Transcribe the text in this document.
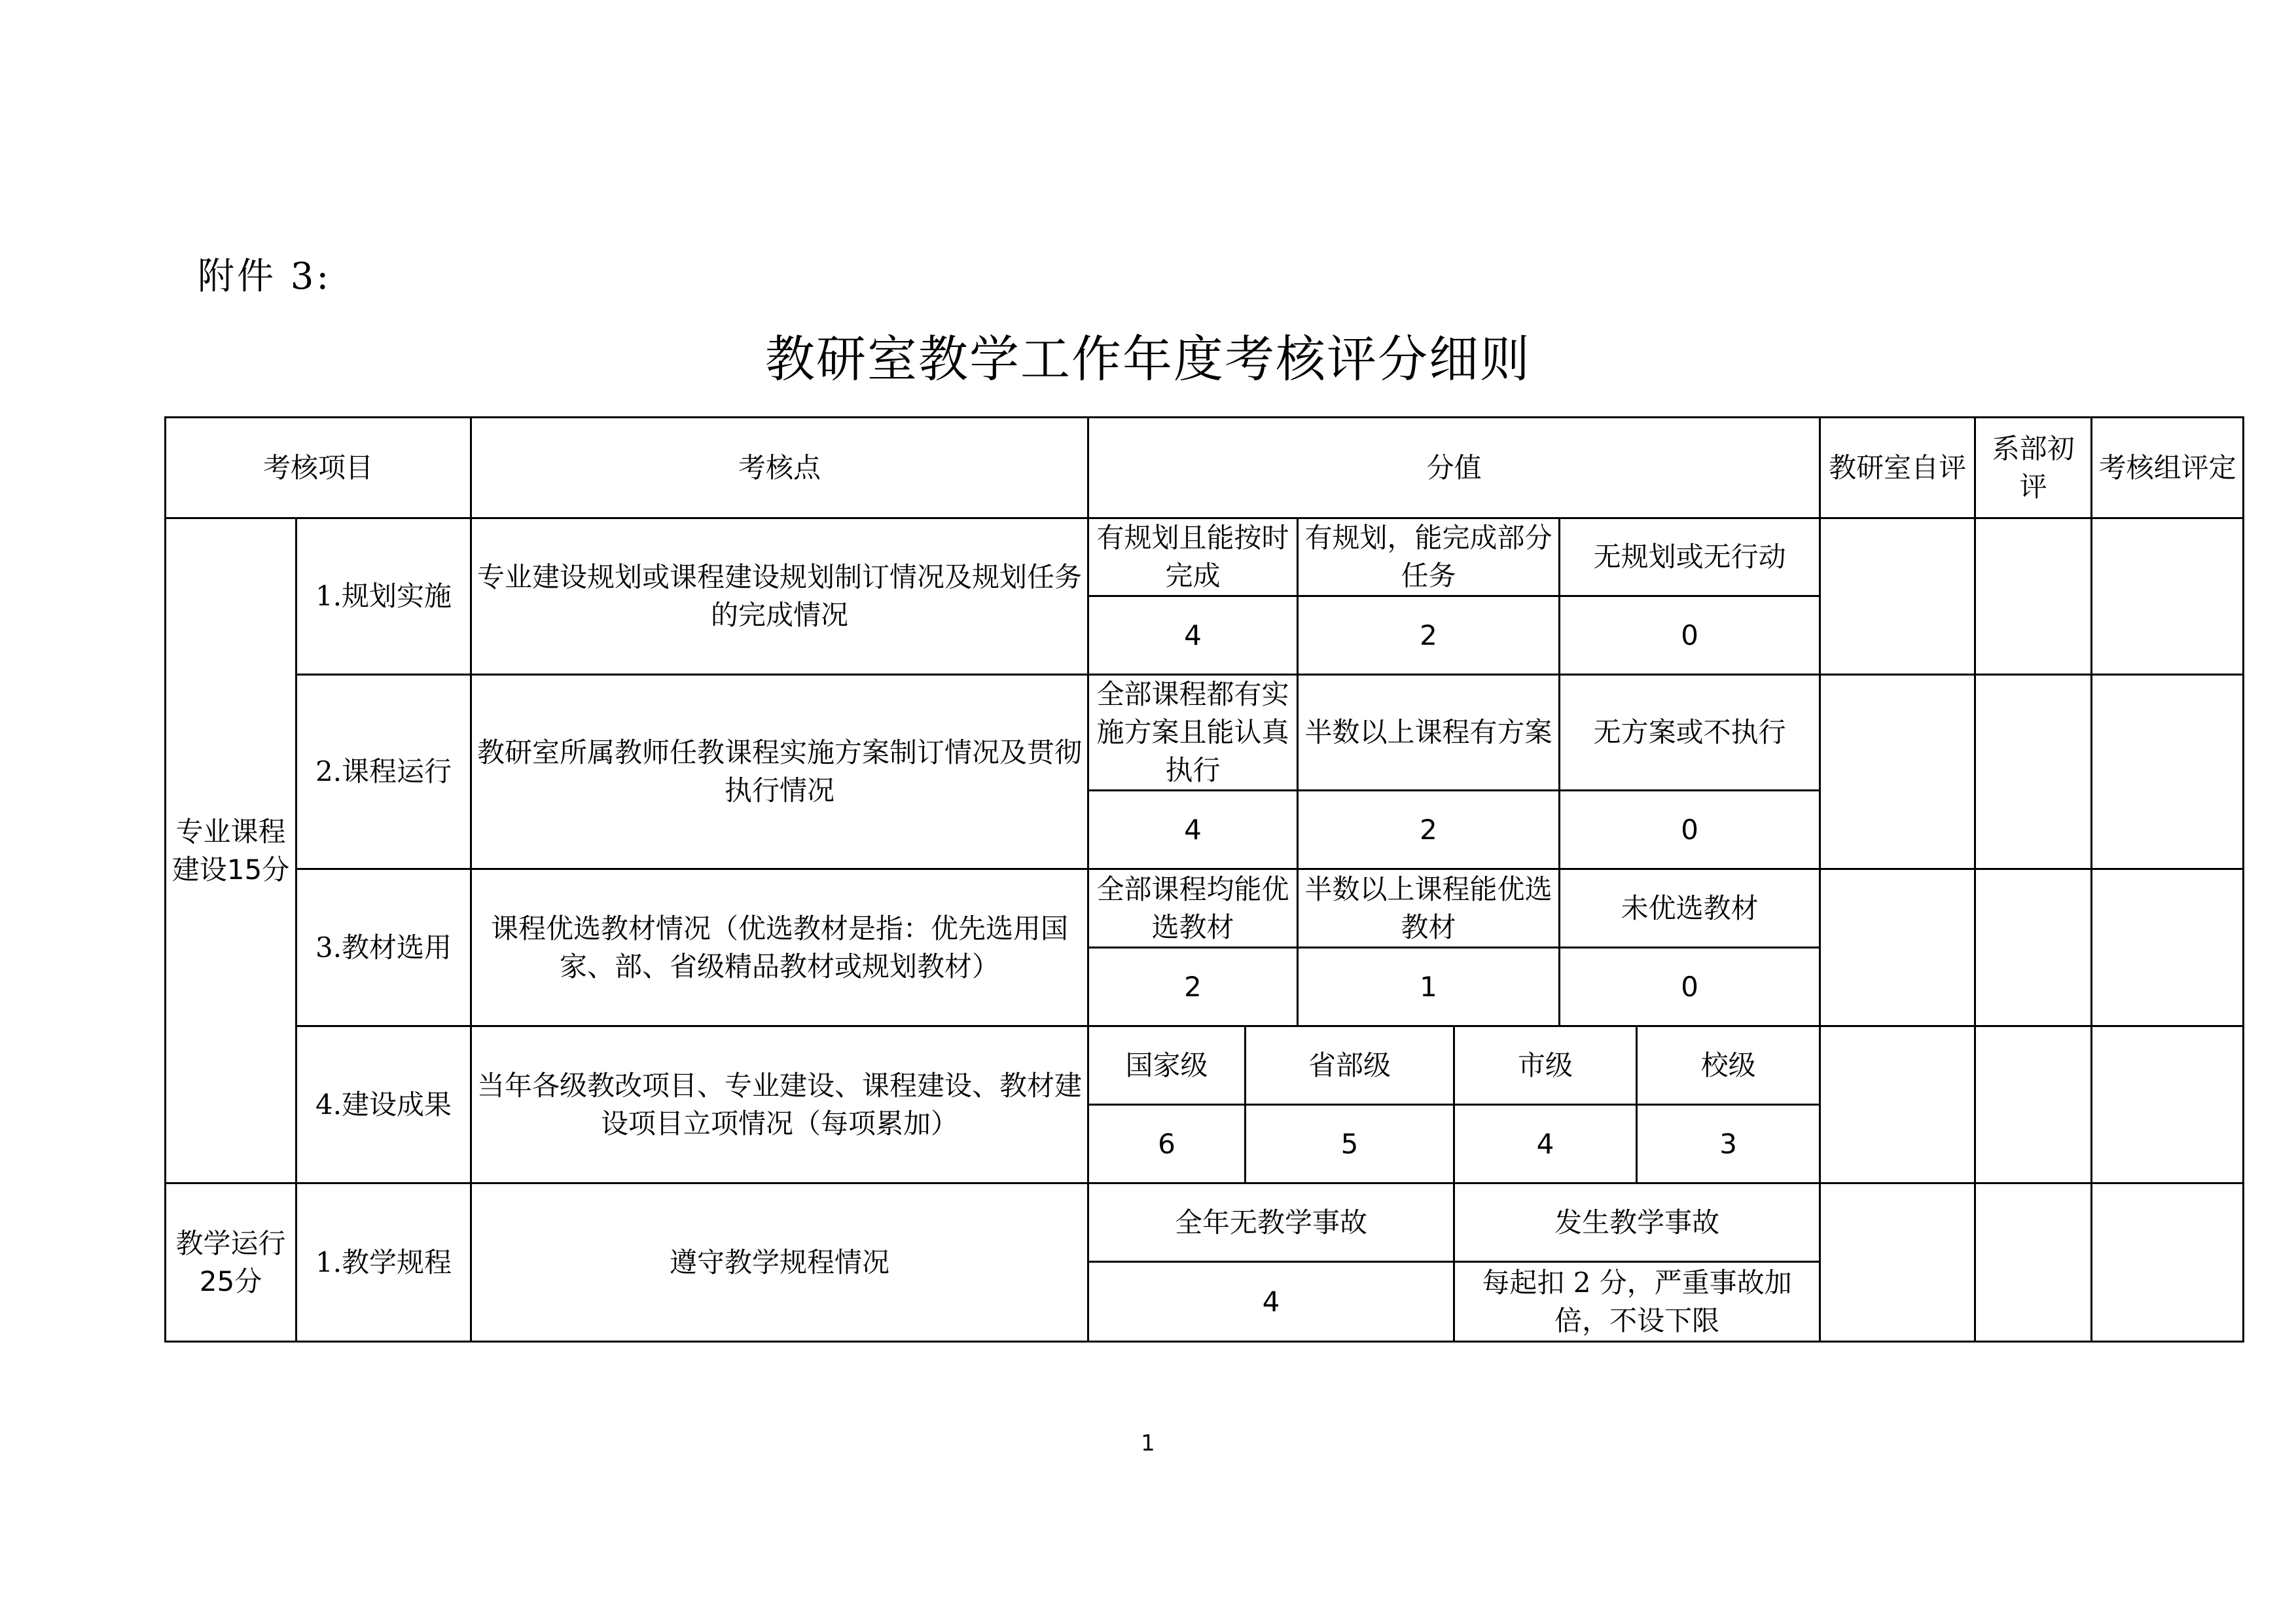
附件 3:
教研室教学工作年度考核评分细则
考核项目		考核点	分值										教研室自评	系部初评	考核组评定
专业课程建设15分	1.规划实施	专业建设规划或课程建设规划制订情况及规划任务的完成情况	有规划且能按时完成			有规划，能完成部分任务				无规划或无行动					
			4			2				0					
	2.课程运行	教研室所属教师任教课程实施方案制订情况及贯彻执行情况	全部课程都有实施方案且能认真执行			半数以上课程有方案				无方案或不执行					
			4			2				0					
	3.教材选用	课程优选教材情况（优选教材是指：优先选用国家、部、省级精品教材或规划教材）	全部课程均能优选教材			半数以上课程能优选教材				未优选教材					
			2			1				0					
	4.建设成果	当年各级教改项目、专业建设、课程建设、教材建设项目立项情况（每项累加）	国家级		省部级			市级			校级				
			6		5			4			3				
教学运行25分	1.教学规程	遵守教学规程情况	全年无教学事故					发生教学事故							
			4					每起扣 2 分，严重事故加倍，不设下限							

1
